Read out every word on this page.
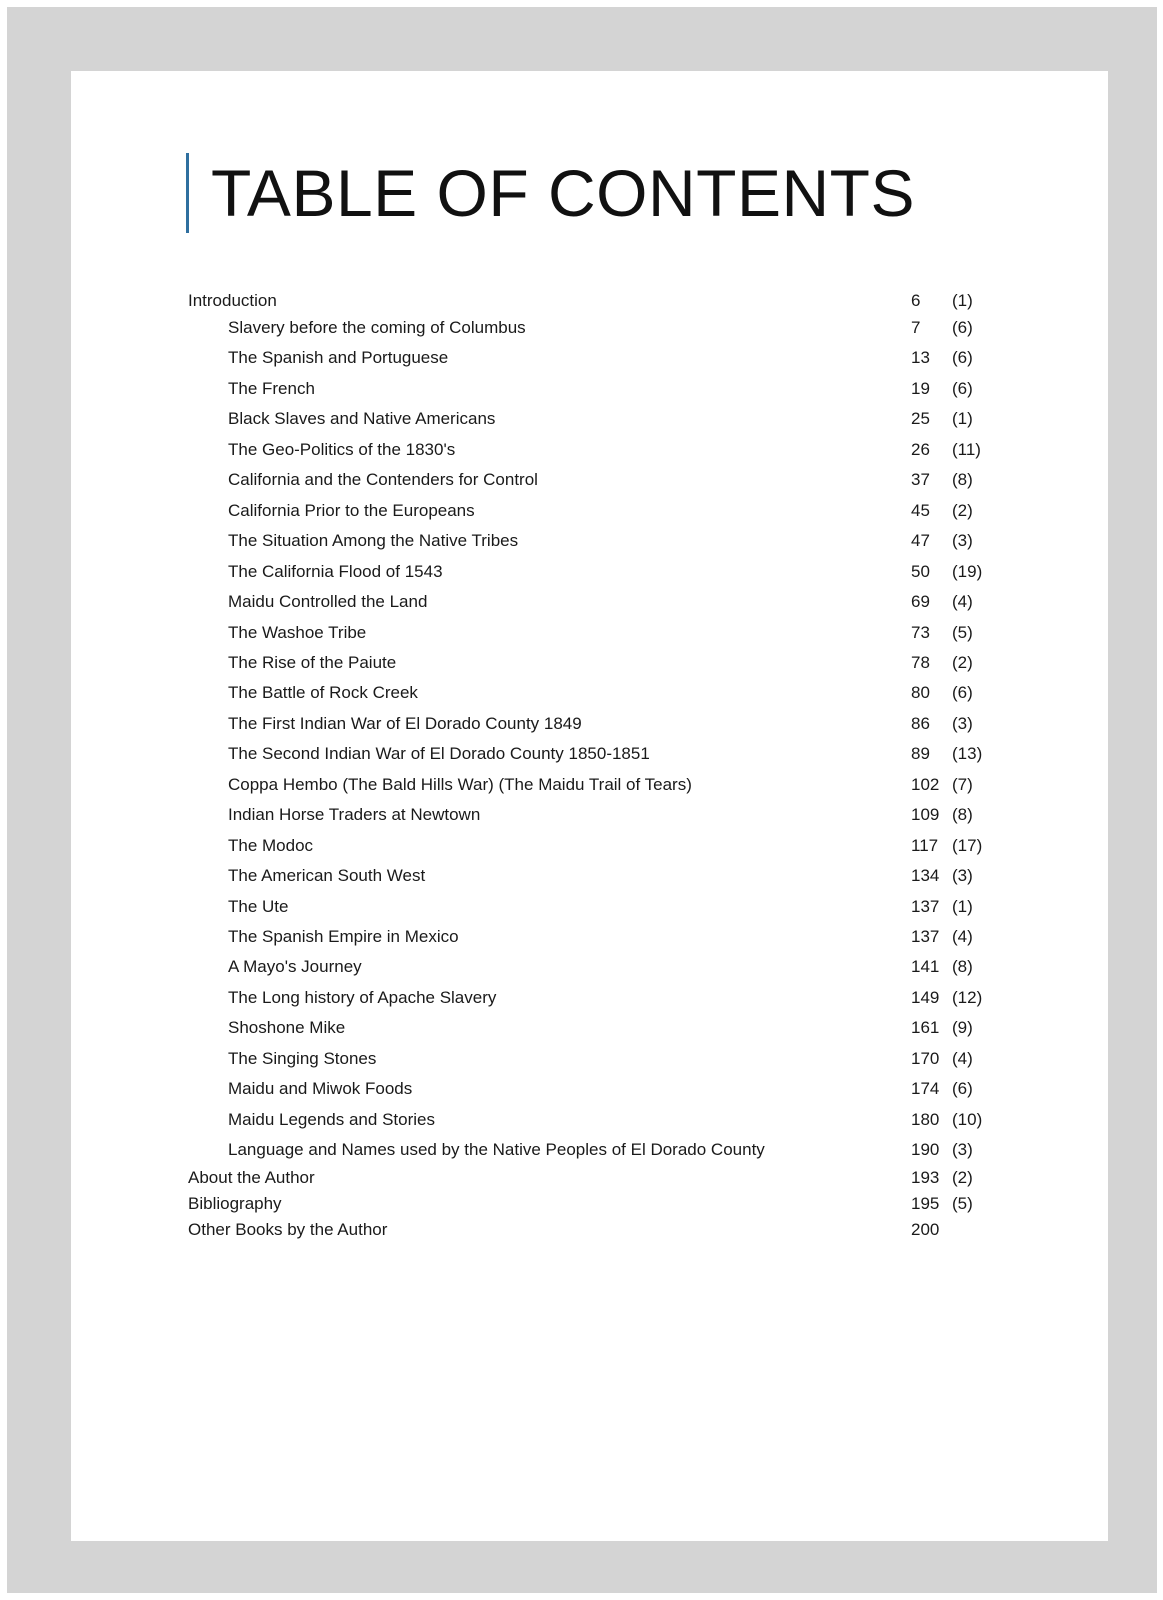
TABLE OF CONTENTS
Introduction	6 (1)
Slavery before the coming of Columbus	7 (6)
The Spanish and Portuguese	13 (6)
The French	19 (6)
Black Slaves and Native Americans	25 (1)
The Geo-Politics of the 1830's	26 (11)
California and the Contenders for Control	37 (8)
California Prior to the Europeans	45 (2)
The Situation Among the Native Tribes	47 (3)
The California Flood of 1543	50 (19)
Maidu Controlled the Land	69 (4)
The Washoe Tribe	73 (5)
The Rise of the Paiute	78 (2)
The Battle of Rock Creek	80 (6)
The First Indian War of El Dorado County 1849	86 (3)
The Second Indian War of El Dorado County 1850-1851	89 (13)
Coppa Hembo (The Bald Hills War) (The Maidu Trail of Tears)	102 (7)
Indian Horse Traders at Newtown	109 (8)
The Modoc	117 (17)
The American South West	134 (3)
The Ute	137 (1)
The Spanish Empire in Mexico	137 (4)
A Mayo's Journey	141 (8)
The Long history of Apache Slavery	149 (12)
Shoshone Mike	161 (9)
The Singing Stones	170 (4)
Maidu and Miwok Foods	174 (6)
Maidu Legends and Stories	180 (10)
Language and Names used by the Native Peoples of El Dorado County	190 (3)
About the Author	193 (2)
Bibliography	195 (5)
Other Books by the Author	200
